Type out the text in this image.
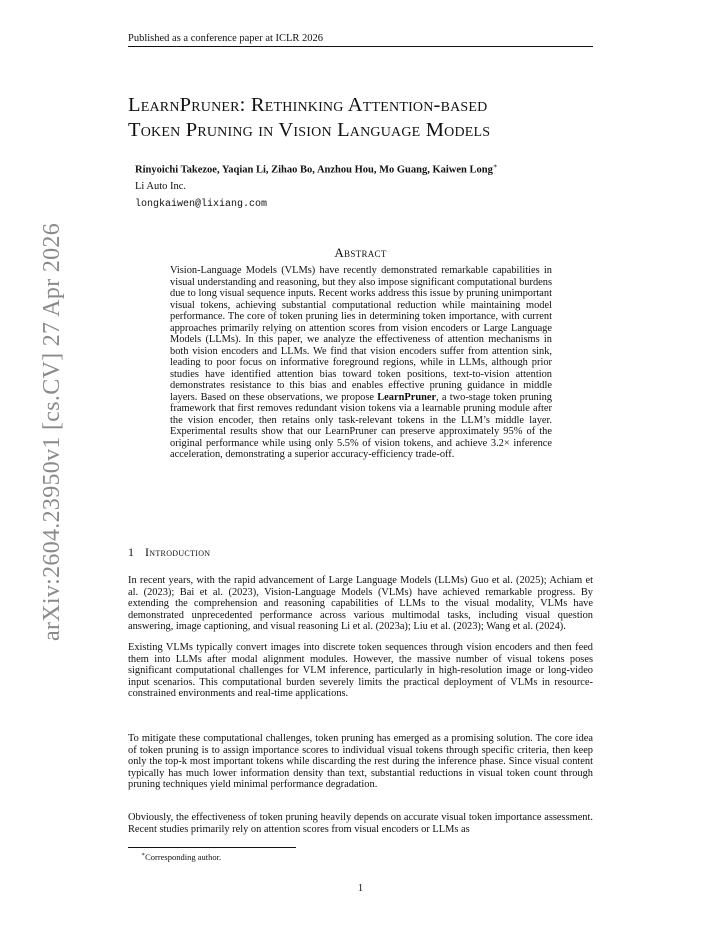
Published as a conference paper at ICLR 2026
arXiv:2604.23950v1 [cs.CV] 27 Apr 2026
LearnPruner: Rethinking Attention-based
Token Pruning in Vision Language Models
Rinyoichi Takezoe, Yaqian Li, Zihao Bo, Anzhou Hou, Mo Guang, Kaiwen Long∗
Li Auto Inc.
longkaiwen@lixiang.com
Abstract
Vision-Language Models (VLMs) have recently demonstrated remarkable capabilities in visual understanding and reasoning, but they also impose significant computational burdens due to long visual sequence inputs. Recent works address this issue by pruning unimportant visual tokens, achieving substantial computational reduction while maintaining model performance. The core of token pruning lies in determining token importance, with current approaches primarily relying on attention scores from vision encoders or Large Language Models (LLMs). In this paper, we analyze the effectiveness of attention mechanisms in both vision encoders and LLMs. We find that vision encoders suffer from attention sink, leading to poor focus on informative foreground regions, while in LLMs, although prior studies have identified attention bias toward token positions, text-to-vision attention demonstrates resistance to this bias and enables effective pruning guidance in middle layers. Based on these observations, we propose LearnPruner, a two-stage token pruning framework that first removes redundant vision tokens via a learnable pruning module after the vision encoder, then retains only task-relevant tokens in the LLM’s middle layer. Experimental results show that our LearnPruner can preserve approximately 95% of the original performance while using only 5.5% of vision tokens, and achieve 3.2× inference acceleration, demonstrating a superior accuracy-efficiency trade-off.
1 Introduction
In recent years, with the rapid advancement of Large Language Models (LLMs) Guo et al. (2025); Achiam et al. (2023); Bai et al. (2023), Vision-Language Models (VLMs) have achieved remarkable progress. By extending the comprehension and reasoning capabilities of LLMs to the visual modality, VLMs have demonstrated unprecedented performance across various multimodal tasks, including visual question answering, image captioning, and visual reasoning Li et al. (2023a); Liu et al. (2023); Wang et al. (2024).
Existing VLMs typically convert images into discrete token sequences through vision encoders and then feed them into LLMs after modal alignment modules. However, the massive number of visual tokens poses significant computational challenges for VLM inference, particularly in high-resolution image or long-video input scenarios. This computational burden severely limits the practical deployment of VLMs in resource-constrained environments and real-time applications.
To mitigate these computational challenges, token pruning has emerged as a promising solution. The core idea of token pruning is to assign importance scores to individual visual tokens through specific criteria, then keep only the top-k most important tokens while discarding the rest during the inference phase. Since visual content typically has much lower information density than text, substantial reductions in visual token count through pruning techniques yield minimal performance degradation.
Obviously, the effectiveness of token pruning heavily depends on accurate visual token importance assessment. Recent studies primarily rely on attention scores from visual encoders or LLMs as
∗Corresponding author.
1
